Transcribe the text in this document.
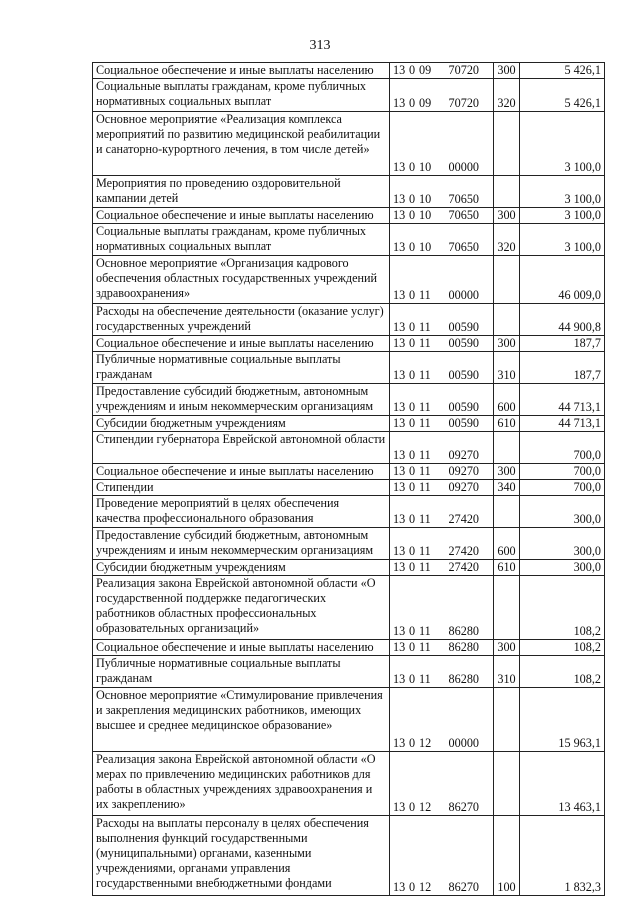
313
Социальное обеспечение и иные выплаты населению	13 0 09 70720	300	5 426,1
Социальные выплаты гражданам, кроме публичных нормативных социальных выплат	13 0 09 70720	320	5 426,1
Основное мероприятие «Реализация комплекса мероприятий по развитию медицинской реабилитации и санаторно-курортного лечения, в том числе детей»	13 0 10 00000		3 100,0
Мероприятия по проведению оздоровительной кампании детей	13 0 10 70650		3 100,0
Социальное обеспечение и иные выплаты населению	13 0 10 70650	300	3 100,0
Социальные выплаты гражданам, кроме публичных нормативных социальных выплат	13 0 10 70650	320	3 100,0
Основное мероприятие «Организация кадрового обеспечения областных государственных учреждений здравоохранения»	13 0 11 00000		46 009,0
Расходы на обеспечение деятельности (оказание услуг) государственных учреждений	13 0 11 00590		44 900,8
Социальное обеспечение и иные выплаты населению	13 0 11 00590	300	187,7
Публичные нормативные социальные выплаты гражданам	13 0 11 00590	310	187,7
Предоставление субсидий бюджетным, автономным учреждениям и иным некоммерческим организациям	13 0 11 00590	600	44 713,1
Субсидии бюджетным учреждениям	13 0 11 00590	610	44 713,1
Стипендии губернатора Еврейской автономной области	13 0 11 09270		700,0
Социальное обеспечение и иные выплаты населению	13 0 11 09270	300	700,0
Стипендии	13 0 11 09270	340	700,0
Проведение мероприятий в целях обеспечения качества профессионального образования	13 0 11 27420		300,0
Предоставление субсидий бюджетным, автономным учреждениям и иным некоммерческим организациям	13 0 11 27420	600	300,0
Субсидии бюджетным учреждениям	13 0 11 27420	610	300,0
Реализация закона Еврейской автономной области «О государственной поддержке педагогических работников областных профессиональных образовательных организаций»	13 0 11 86280		108,2
Социальное обеспечение и иные выплаты населению	13 0 11 86280	300	108,2
Публичные нормативные социальные выплаты гражданам	13 0 11 86280	310	108,2
Основное мероприятие «Стимулирование привлечения и закрепления медицинских работников, имеющих высшее и среднее медицинское образование»	13 0 12 00000		15 963,1
Реализация закона Еврейской автономной области «О мерах по привлечению медицинских работников для работы в областных учреждениях здравоохранения и их закреплению»	13 0 12 86270		13 463,1
Расходы на выплаты персоналу в целях обеспечения выполнения функций государственными (муниципальными) органами, казенными учреждениями, органами управления государственными внебюджетными фондами	13 0 12 86270	100	1 832,3
